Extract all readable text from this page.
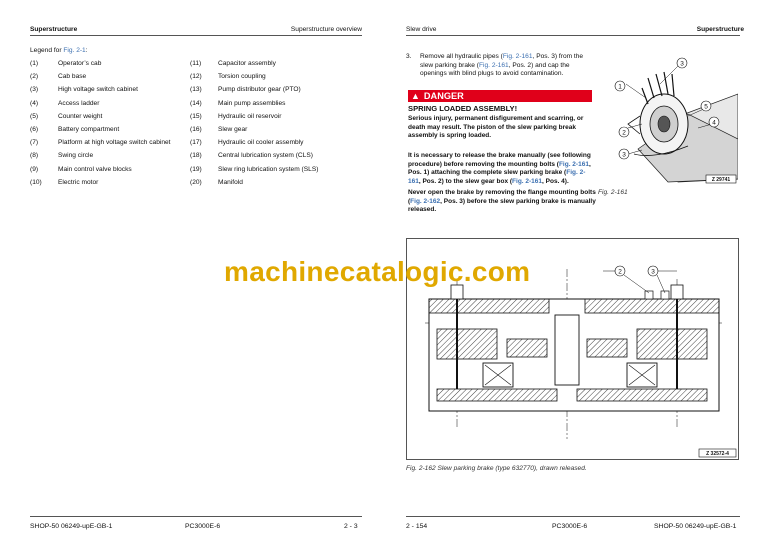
Superstructure	Superstructure overview
Legend for Fig. 2-1:
(1)	Operator’s cab	(11)	Capacitor assembly
(2)	Cab base	(12)	Torsion coupling
(3)	High voltage switch cabinet	(13)	Pump distributor gear (PTO)
(4)	Access ladder	(14)	Main pump assemblies
(5)	Counter weight	(15)	Hydraulic oil reservoir
(6)	Battery compartment	(16)	Slew gear
(7)	Platform at high voltage switch cabinet	(17)	Hydraulic oil cooler assembly
(8)	Swing circle	(18)	Central lubrication system (CLS)
(9)	Main control valve blocks	(19)	Slew ring lubrication system (SLS)
(10)	Electric motor	(20)	Manifold
SHOP-50 06249-upE-GB-1	PC3000E-6	2 - 3
Slew drive	Superstructure
3. Remove all hydraulic pipes (Fig. 2-161, Pos. 3) from the slew parking brake (Fig. 2-161, Pos. 2) and cap the openings with blind plugs to avoid contamination.
▲ DANGER
SPRING LOADED ASSEMBLY!
Serious injury, permanent disfigurement and scarring, or death may result. The piston of the slew parking break assembly is spring loaded.
It is necessary to release the brake manually (see following procedure) before removing the mounting bolts (Fig. 2-161, Pos. 1) attaching the complete slew parking brake (Fig. 2-161, Pos. 2) to the slew gear box (Fig. 2-161, Pos. 4).
Never open the brake by removing the flange mounting bolts (Fig. 2-162, Pos. 3) before the slew parking brake is manually released.
1
2
3
4
5
3
Z 29741
Fig. 2-161
2	3
Z 32572-4
Fig. 2-162 Slew parking brake (type 632770), drawn released.
2 - 154	PC3000E-6	SHOP-50 06249-upE-GB-1
machinecatalogic.com
